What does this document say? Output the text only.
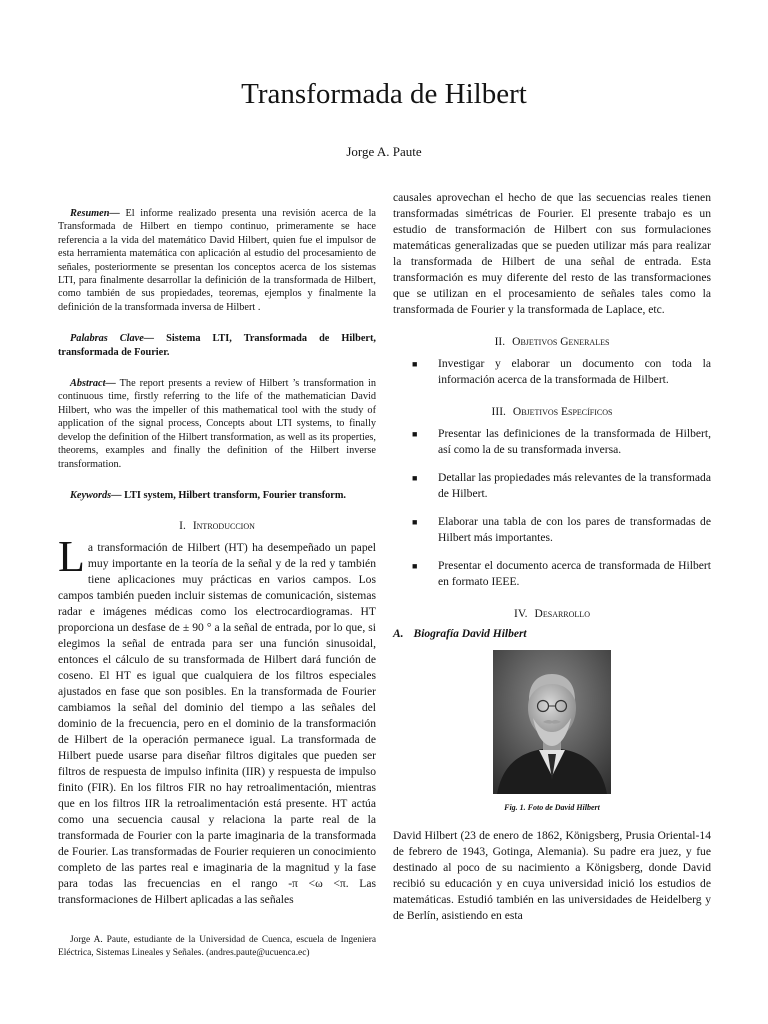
Transformada de Hilbert
Jorge A. Paute

Resumen— El informe realizado presenta una revisión acerca de la Transformada de Hilbert en tiempo continuo, primeramente se hace referencia a la vida del matemático David Hilbert, quien fue el impulsor de esta herramienta matemática con aplicación al estudio del procesamiento de señales, posteriormente se presentan los conceptos acerca de los sistemas LTI, para finalmente desarrollar la definición de la transformada de Hilbert, como también de sus propiedades, teoremas, ejemplos y finalmente la definición de la transformada inversa de Hilbert .

Palabras Clave— Sistema LTI, Transformada de Hilbert, transformada de Fourier.

Abstract— The report presents a review of Hilbert ’s transformation in continuous time, firstly referring to the life of the mathematician David Hilbert, who was the impeller of this mathematical tool with the study of application of the signal process, Concepts about LTI systems, to finally develop the definition of the Hilbert transformation, as well as its properties, theorems, examples and finally the definition of the Hilbert inverse transformation.

Keywords— LTI system, Hilbert transform, Fourier transform.

I. Introduccion

La transformación de Hilbert (HT) ha desempeñado un papel muy importante en la teoría de la señal y de la red y también tiene aplicaciones muy prácticas en varios campos. Los campos también pueden incluir sistemas de comunicación, sistemas radar e imágenes médicas como los electrocardiogramas. HT proporciona un desfase de ± 90 ° a la señal de entrada, por lo que, si elegimos la señal de entrada para ser una función sinusoidal, entonces el cálculo de su transformada de Hilbert dará función de coseno. El HT es igual que cualquiera de los filtros especiales ajustados en fase que son posibles. En la transformada de Fourier cambiamos la señal del dominio del tiempo a las señales del dominio de la frecuencia, pero en el dominio de la transformación de Hilbert de la operación permanece igual. La transformada de Hilbert puede usarse para diseñar filtros digitales que pueden ser filtros de respuesta de impulso infinita (IIR) y respuesta de impulso finito (FIR). En los filtros FIR no hay retroalimentación, mientras que en los filtros IIR la retroalimentación está presente. HT actúa como una secuencia causal y relaciona la parte real de la transformada de Fourier con la parte imaginaria de la transformada de Fourier. Las transformadas de Fourier requieren un conocimiento completo de las partes real e imaginaria de la magnitud y la fase para todas las frecuencias en el rango -π <ω <π. Las transformaciones de Hilbert aplicadas a las señales

Jorge A. Paute, estudiante de la Universidad de Cuenca, escuela de Ingeniera Eléctrica, Sistemas Lineales y Señales. (andres.paute@ucuenca.ec)

causales aprovechan el hecho de que las secuencias reales tienen transformadas simétricas de Fourier. El presente trabajo es un estudio de transformación de Hilbert con sus formulaciones matemáticas generalizadas que se pueden utilizar más para realizar la transformada de Hilbert de una señal de entrada. Esta transformación es muy diferente del resto de las transformaciones que se utilizan en el procesamiento de señales tales como la transformada de Fourier y la transformada de Laplace, etc.

II. Objetivos Generales
■ Investigar y elaborar un documento con toda la información acerca de la transformada de Hilbert.
III. Objetivos Específicos
■ Presentar las definiciones de la transformada de Hilbert, así como la de su transformada inversa.
■ Detallar las propiedades más relevantes de la transformada de Hilbert.
■ Elaborar una tabla de con los pares de transformadas de Hilbert más importantes.
■ Presentar el documento acerca de transformada de Hilbert en formato IEEE.
IV. Desarrollo
A. Biografía David Hilbert
Fig. 1. Foto de David Hilbert

David Hilbert (23 de enero de 1862, Königsberg, Prusia Oriental-14 de febrero de 1943, Gotinga, Alemania). Su padre era juez, y fue destinado al poco de su nacimiento a Königsberg, donde David recibió su educación y en cuya universidad inició los estudios de matemáticas. Estudió también en las universidades de Heidelberg y de Berlín, asistiendo en esta
